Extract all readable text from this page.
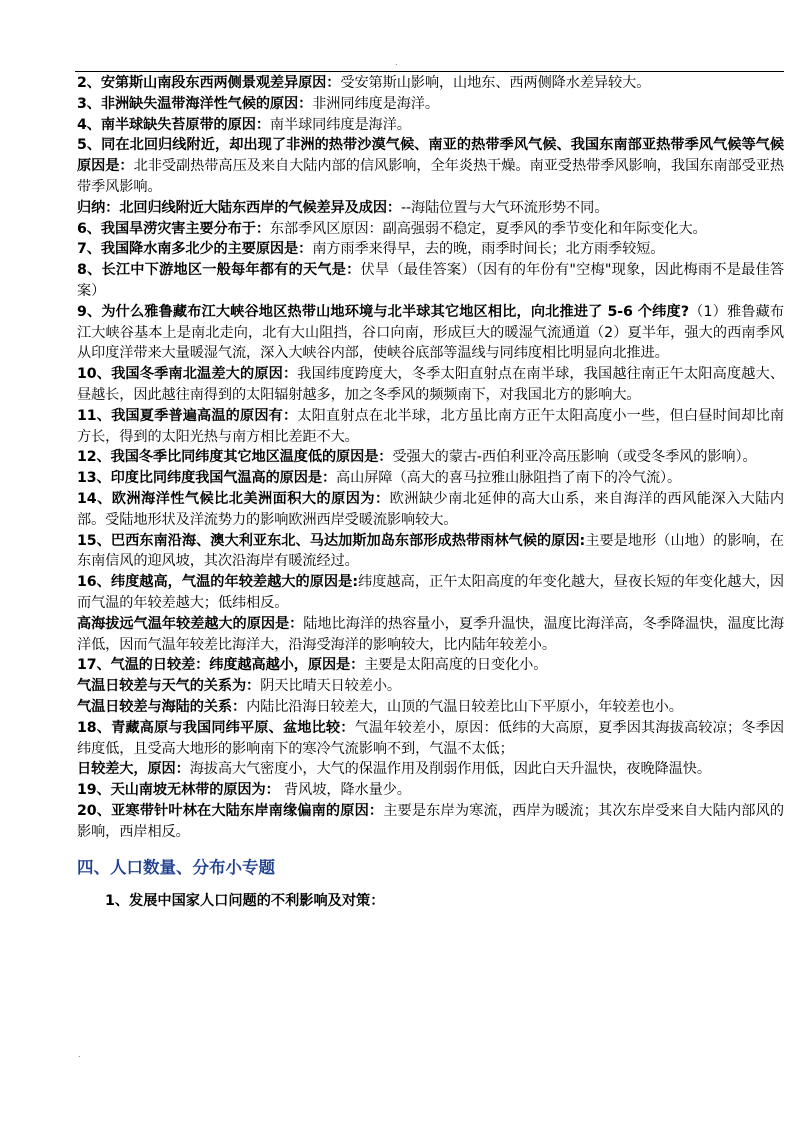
.

2、安第斯山南段东西两侧景观差异原因：受安第斯山影响，山地东、西两侧降水差异较大。

3、非洲缺失温带海洋性气候的原因：非洲同纬度是海洋。

4、南半球缺失苔原带的原因：南半球同纬度是海洋。

5、同在北回归线附近，却出现了非洲的热带沙漠气候、南亚的热带季风气候、我国东南部亚热带季风气候等气候原因是：北非受副热带高压及来自大陆内部的信风影响，全年炎热干燥。南亚受热带季风影响，我国东南部受亚热带季风影响。

归纳：北回归线附近大陆东西岸的气候差异及成因：--海陆位置与大气环流形势不同。

6、我国旱涝灾害主要分布于：东部季风区原因：副高强弱不稳定，夏季风的季节变化和年际变化大。

7、我国降水南多北少的主要原因是：南方雨季来得早，去的晚，雨季时间长；北方雨季较短。

8、长江中下游地区一般每年都有的天气是：伏旱（最佳答案）（因有的年份有"空梅"现象，因此梅雨不是最佳答案）

9、为什么雅鲁藏布江大峡谷地区热带山地环境与北半球其它地区相比，向北推进了 5-6 个纬度?（1）雅鲁藏布江大峡谷基本上是南北走向，北有大山阻挡，谷口向南，形成巨大的暖湿气流通道（2）夏半年，强大的西南季风从印度洋带来大量暖湿气流，深入大峡谷内部，使峡谷底部等温线与同纬度相比明显向北推进。

10、我国冬季南北温差大的原因：我国纬度跨度大，冬季太阳直射点在南半球，我国越往南正午太阳高度越大、昼越长，因此越往南得到的太阳辐射越多，加之冬季风的频频南下，对我国北方的影响大。

11、我国夏季普遍高温的原因有：太阳直射点在北半球，北方虽比南方正午太阳高度小一些，但白昼时间却比南方长，得到的太阳光热与南方相比差距不大。

12、我国冬季比同纬度其它地区温度低的原因是：受强大的蒙古-西伯利亚冷高压影响（或受冬季风的影响）。

13、印度比同纬度我国气温高的原因是：高山屏障（高大的喜马拉雅山脉阻挡了南下的冷气流）。

14、欧洲海洋性气候比北美洲面积大的原因为：欧洲缺少南北延伸的高大山系，来自海洋的西风能深入大陆内部。受陆地形状及洋流势力的影响欧洲西岸受暖流影响较大。

15、巴西东南沿海、澳大利亚东北、马达加斯加岛东部形成热带雨林气候的原因:主要是地形（山地）的影响，在东南信风的迎风坡，其次沿海岸有暖流经过。

16、纬度越高，气温的年较差越大的原因是:纬度越高，正午太阳高度的年变化越大，昼夜长短的年变化越大，因而气温的年较差越大；低纬相反。

高海拔远气温年较差越大的原因是：陆地比海洋的热容量小，夏季升温快，温度比海洋高，冬季降温快，温度比海洋低，因而气温年较差比海洋大，沿海受海洋的影响较大，比内陆年较差小。

17、气温的日较差：纬度越高越小，原因是：主要是太阳高度的日变化小。

气温日较差与天气的关系为：阴天比晴天日较差小。

气温日较差与海陆的关系：内陆比沿海日较差大，山顶的气温日较差比山下平原小，年较差也小。

18、青藏高原与我国同纬平原、盆地比较：气温年较差小，原因：低纬的大高原，夏季因其海拔高较凉；冬季因纬度低，且受高大地形的影响南下的寒冷气流影响不到，气温不太低；

日较差大，原因：海拔高大气密度小，大气的保温作用及削弱作用低，因此白天升温快，夜晚降温快。

19、天山南坡无林带的原因为： 背风坡，降水量少。

20、亚寒带针叶林在大陆东岸南缘偏南的原因：主要是东岸为寒流，西岸为暖流；其次东岸受来自大陆内部风的影响，西岸相反。

四、人口数量、分布小专题

1、发展中国家人口问题的不利影响及对策：

.
